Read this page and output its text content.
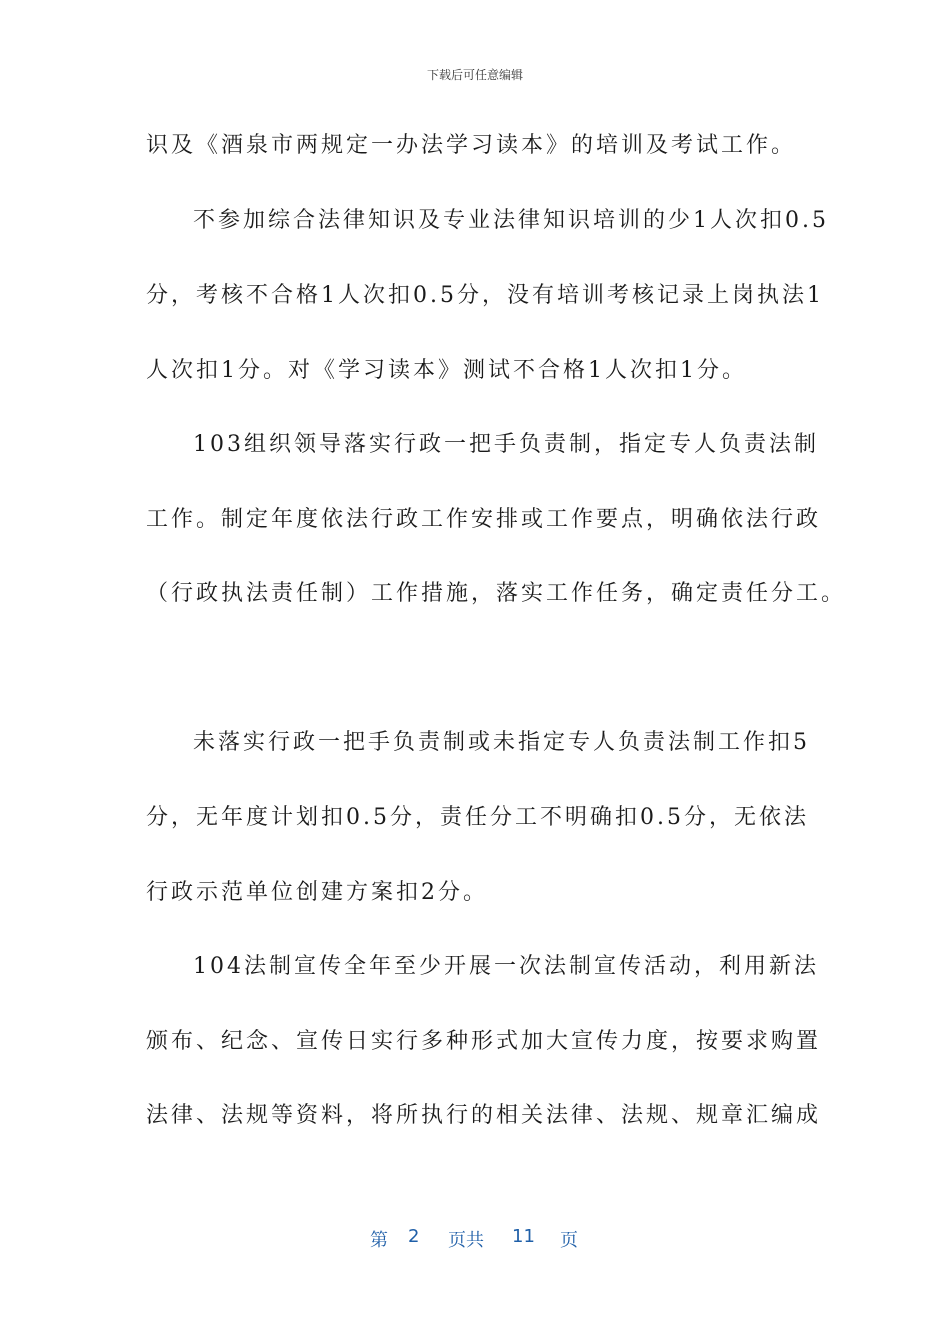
下载后可任意编辑
识及《酒泉市两规定一办法学习读本》的培训及考试工作。
不参加综合法律知识及专业法律知识培训的少1人次扣0.5
分，考核不合格1人次扣0.5分，没有培训考核记录上岗执法1
人次扣1分。对《学习读本》测试不合格1人次扣1分。
103组织领导落实行政一把手负责制，指定专人负责法制
工作。制定年度依法行政工作安排或工作要点，明确依法行政
（行政执法责任制）工作措施，落实工作任务，确定责任分工。
未落实行政一把手负责制或未指定专人负责法制工作扣5
分，无年度计划扣0.5分，责任分工不明确扣0.5分，无依法
行政示范单位创建方案扣2分。
104法制宣传全年至少开展一次法制宣传活动，利用新法
颁布、纪念、宣传日实行多种形式加大宣传力度，按要求购置
法律、法规等资料，将所执行的相关法律、法规、规章汇编成
第 2 页共 11 页
